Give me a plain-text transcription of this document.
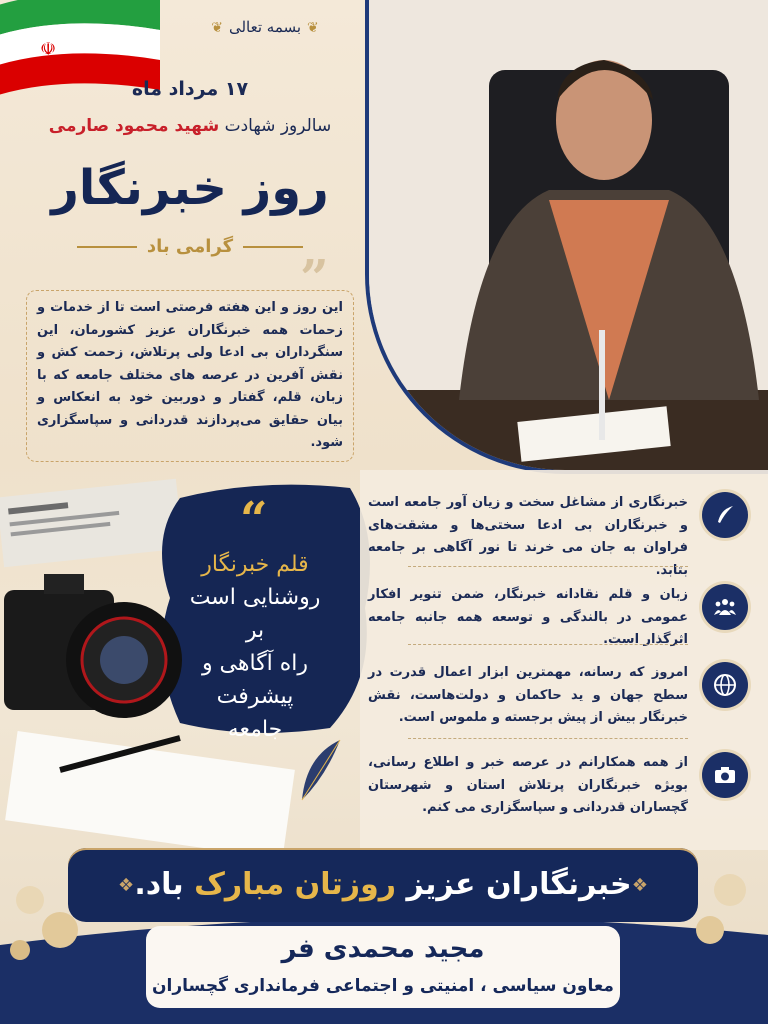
☫
❦ بسمه تعالی ❦
۱۷ مرداد ماه
سالروز شهادت شهید محمود صارمی
روز خبرنگار
گرامی باد
”
این روز و این هفته فرصتی است تا از خدمات و زحمات همه خبرنگاران عزیز کشورمان، این سنگرداران بی ادعا ولی پرتلاش، زحمت کش و نقش آفرین در عرصه های مختلف جامعه که با زبان، قلم، گفتار و دوربین خود به انعکاس و بیان حقایق می‌پردازند قدردانی و سپاسگزاری شود.
“
قلم خبرنگار
روشنایی است بر
راه آگاهی و پیشرفت
جامعه
خبرنگاری از مشاغل سخت و زیان آور جامعه است و خبرنگاران بی ادعا سختی‌ها و مشقت‌های فراوان به جان می خرند تا نور آگاهی بر جامعه بتابد.
زبان و قلم نقادانه خبرنگار، ضمن تنویر افکار عمومی در بالندگی و توسعه همه جانبه جامعه اثرگذار است.
امروز که رسانه، مهمترین ابزار اعمال قدرت در سطح جهان و ید حاکمان و دولت‌هاست، نقش خبرنگار بیش از پیش برجسته و ملموس است.
از همه همکارانم در عرصه خبر و اطلاع رسانی، بویژه خبرنگاران پرتلاش استان و شهرستان گچساران قدردانی و سپاسگزاری می کنم.
❖	❖
خبرنگاران عزیز روزتان مبارک باد.
مجید محمدی فر
معاون سیاسی ، امنیتی و اجتماعی فرمانداری گچساران
